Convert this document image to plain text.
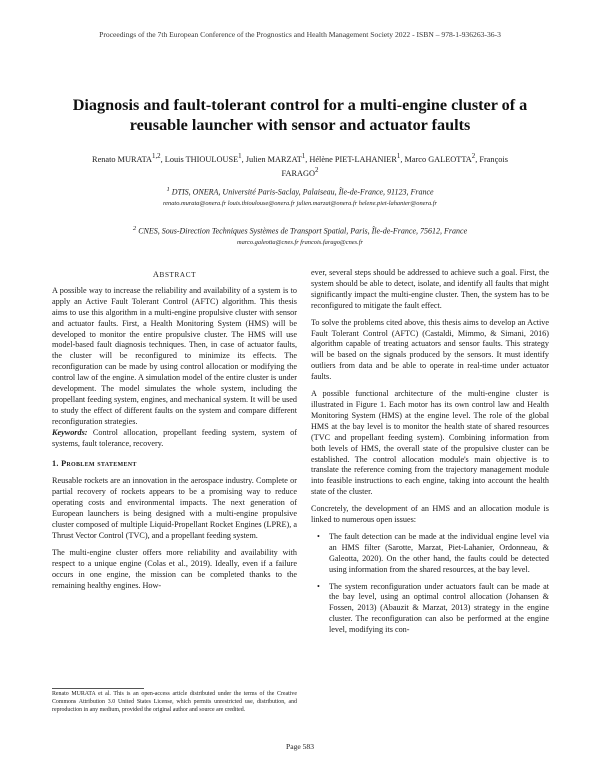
Proceedings of the 7th European Conference of the Prognostics and Health Management Society 2022 - ISBN – 978-1-936263-36-3
Diagnosis and fault-tolerant control for a multi-engine cluster of a reusable launcher with sensor and actuator faults
Renato MURATA$^{1,2}$, Louis THIOULOUSE$^1$, Julien MARZAT$^1$, Hélène PIET-LAHANIER$^1$, Marco GALEOTTA$^2$, François
FARAGO$^2$
$^1$ DTIS, ONERA, Université Paris-Saclay, Palaiseau, Île-de-France, 91123, France
renato.murata@onera.fr louis.thioulouse@onera.fr julien.marzat@onera.fr helene.piet-lahanier@onera.fr
$^2$ CNES, Sous-Direction Techniques Systèmes de Transport Spatial, Paris, Île-de-France, 75612, France
marco.galeotta@cnes.fr francois.farago@cnes.fr
ABSTRACT

A possible way to increase the reliability and availability of a system is to apply an Active Fault Tolerant Control (AFTC) algorithm. This thesis aims to use this algorithm in a multi-engine propulsive cluster with sensor and actuator faults. First, a Health Monitoring System (HMS) will be developed to monitor the entire propulsive cluster. The HMS will use model-based fault diagnosis techniques. Then, in case of actuator faults, the cluster will be reconfigured to minimize its effects. The reconfiguration can be made by using control allocation or modifying the control law of the engine. A simulation model of the entire cluster is under development. The model simulates the whole system, including the propellant feeding system, engines, and mechanical system. It will be used to study the effect of different faults on the system and compare different reconfiguration strategies.

Keywords: Control allocation, propellant feeding system, system of systems, fault tolerance, recovery.

1. Problem statement

Reusable rockets are an innovation in the aerospace industry. Complete or partial recovery of rockets appears to be a promising way to reduce operating costs and environmental impacts. The next generation of European launchers is being designed with a multi-engine propulsive cluster composed of multiple Liquid-Propellant Rocket Engines (LPRE), a Thrust Vector Control (TVC), and a propellant feeding system.

The multi-engine cluster offers more reliability and availability with respect to a unique engine (Colas et al., 2019). Ideally, even if a failure occurs in one engine, the mission can be completed thanks to the remaining healthy engines. How-

ever, several steps should be addressed to achieve such a goal. First, the system should be able to detect, isolate, and identify all faults that might significantly impact the multi-engine cluster. Then, the system has to be reconfigured to mitigate the fault effect.

To solve the problems cited above, this thesis aims to develop an Active Fault Tolerant Control (AFTC) (Castaldi, Mimmo, & Simani, 2016) algorithm capable of treating actuators and sensor faults. This strategy will be based on the signals produced by the sensors. It must identify outliers from data and be able to operate in real-time under actuator faults.

A possible functional architecture of the multi-engine cluster is illustrated in Figure 1. Each motor has its own control law and Health Monitoring System (HMS) at the engine level. The role of the global HMS at the bay level is to monitor the health state of shared resources (TVC and propellant feeding system). Combining information from both levels of HMS, the overall state of the propulsive cluster can be established. The control allocation module's main objective is to translate the reference coming from the trajectory management module into feasible instructions to each engine, taking into account the health state of the cluster.

Concretely, the development of an HMS and an allocation module is linked to numerous open issues:

• The fault detection can be made at the individual engine level via an HMS filter (Sarotte, Marzat, Piet-Lahanier, Ordonneau, & Galeotta, 2020). On the other hand, the faults could be detected using information from the shared resources, at the bay level.
• The system reconfiguration under actuators fault can be made at the bay level, using an optimal control allocation (Johansen & Fossen, 2013) (Abauzit & Marzat, 2013) strategy in the engine cluster. The reconfiguration can also be performed at the engine level, modifying its con-
Renato MURATA et al. This is an open-access article distributed under the terms of the Creative Commons Attribution 3.0 United States License, which permits unrestricted use, distribution, and reproduction in any medium, provided the original author and source are credited.
Page 583
